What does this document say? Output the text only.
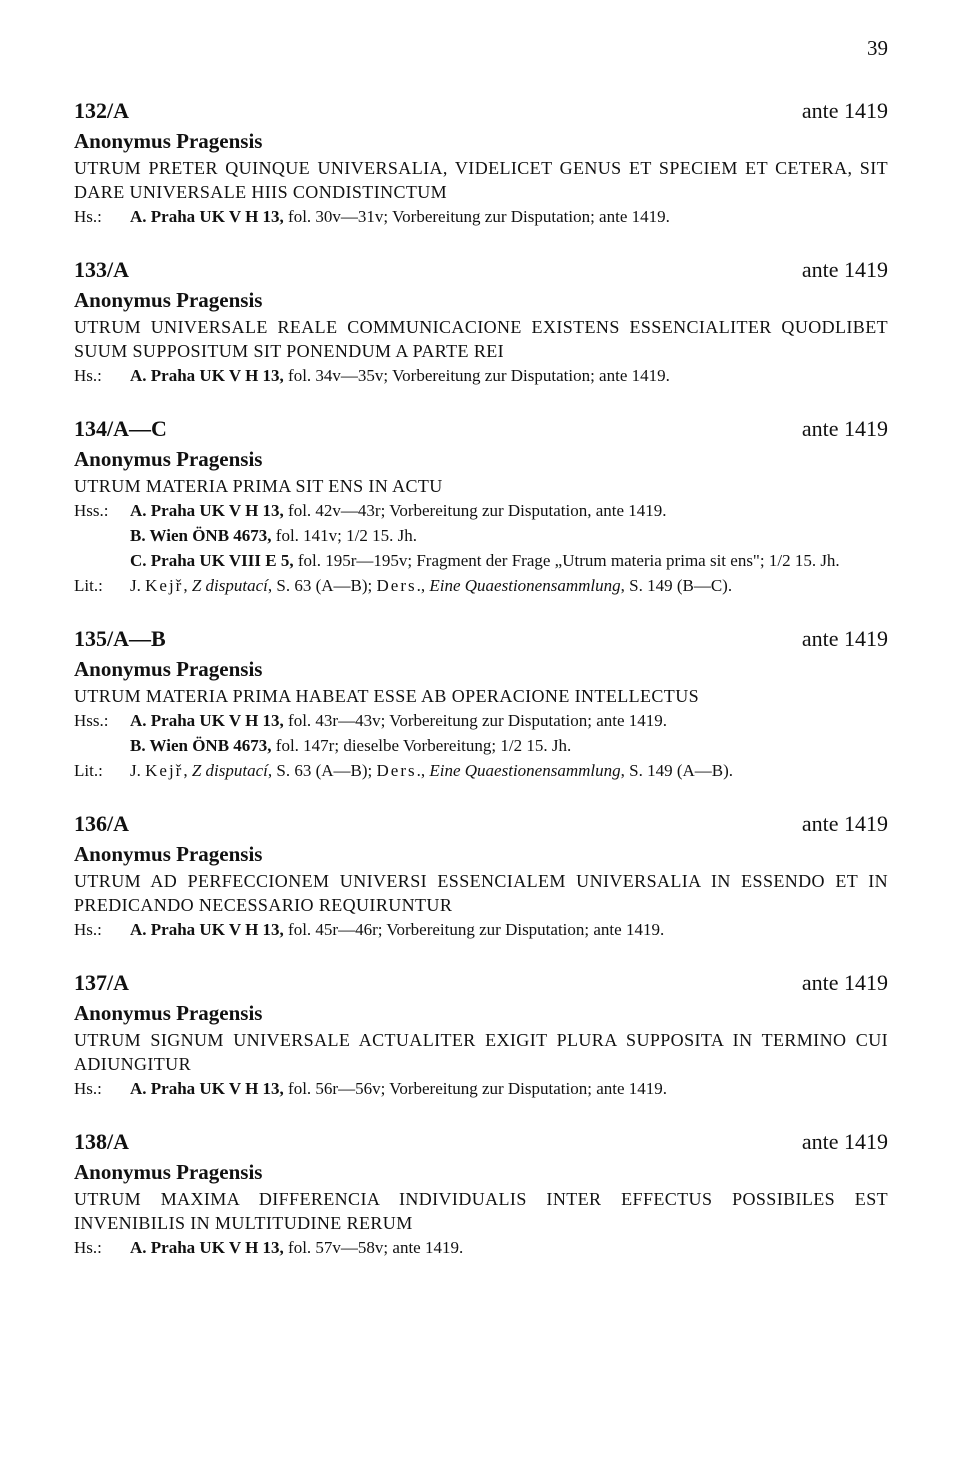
39
132/A	ante 1419
Anonymus Pragensis
UTRUM PRETER QUINQUE UNIVERSALIA, VIDELICET GENUS ET SPECIEM ET CETERA, SIT DARE UNIVERSALE HIIS CONDISTINCTUM
Hs.:	A. Praha UK V H 13, fol. 30v—31v; Vorbereitung zur Disputation; ante 1419.
133/A	ante 1419
Anonymus Pragensis
UTRUM UNIVERSALE REALE COMMUNICACIONE EXISTENS ESSENCIALITER QUODLIBET SUUM SUPPOSITUM SIT PONENDUM A PARTE REI
Hs.:	A. Praha UK V H 13, fol. 34v—35v; Vorbereitung zur Disputation; ante 1419.
134/A—C	ante 1419
Anonymus Pragensis
UTRUM MATERIA PRIMA SIT ENS IN ACTU
Hss.:	A. Praha UK V H 13, fol. 42v—43r; Vorbereitung zur Disputation, ante 1419.
B. Wien ÖNB 4673, fol. 141v; 1/2 15. Jh.
C. Praha UK VIII E 5, fol. 195r—195v; Fragment der Frage „Utrum materia prima sit ens"; 1/2 15. Jh.
Lit.:	J. Kejř, Z disputací, S. 63 (A—B); Ders., Eine Quaestionensammlung, S. 149 (B—C).
135/A—B	ante 1419
Anonymus Pragensis
UTRUM MATERIA PRIMA HABEAT ESSE AB OPERACIONE INTELLECTUS
Hss.:	A. Praha UK V H 13, fol. 43r—43v; Vorbereitung zur Disputation; ante 1419.
B. Wien ÖNB 4673, fol. 147r; dieselbe Vorbereitung; 1/2 15. Jh.
Lit.:	J. Kejř, Z disputací, S. 63 (A—B); Ders., Eine Quaestionensammlung, S. 149 (A—B).
136/A	ante 1419
Anonymus Pragensis
UTRUM AD PERFECCIONEM UNIVERSI ESSENCIALEM UNIVERSALIA IN ESSENDO ET IN PREDICANDO NECESSARIO REQUIRUNTUR
Hs.:	A. Praha UK V H 13, fol. 45r—46r; Vorbereitung zur Disputation; ante 1419.
137/A	ante 1419
Anonymus Pragensis
UTRUM SIGNUM UNIVERSALE ACTUALITER EXIGIT PLURA SUPPOSITA IN TERMINO CUI ADIUNGITUR
Hs.:	A. Praha UK V H 13, fol. 56r—56v; Vorbereitung zur Disputation; ante 1419.
138/A	ante 1419
Anonymus Pragensis
UTRUM MAXIMA DIFFERENCIA INDIVIDUALIS INTER EFFECTUS POSSIBILES EST INVENIBILIS IN MULTITUDINE RERUM
Hs.:	A. Praha UK V H 13, fol. 57v—58v; ante 1419.
